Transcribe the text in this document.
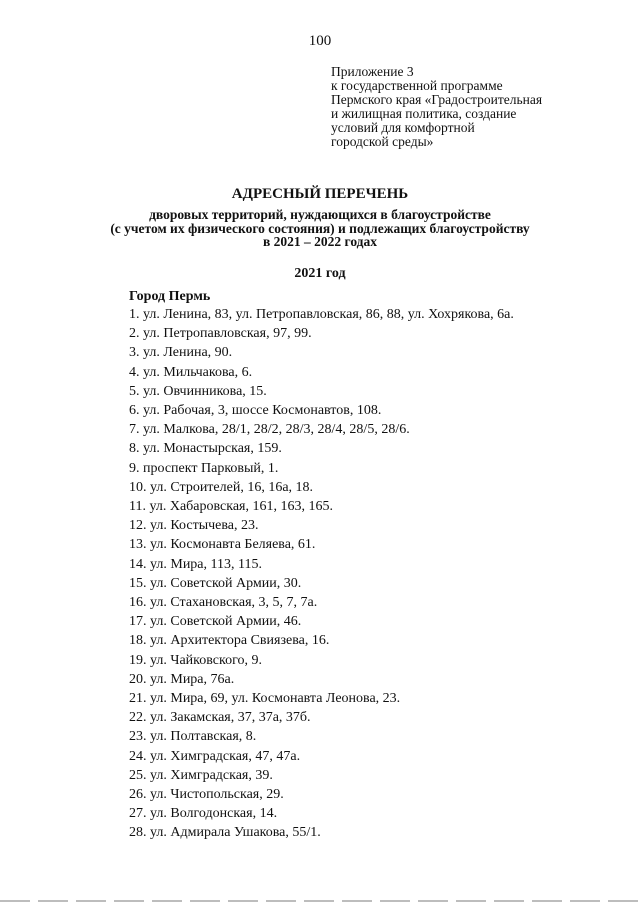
100
Приложение 3
к государственной программе
Пермского края «Градостроительная
и жилищная политика, создание
условий для комфортной
городской среды»
АДРЕСНЫЙ ПЕРЕЧЕНЬ
дворовых территорий, нуждающихся в благоустройстве
(с учетом их физического состояния) и подлежащих благоустройству
в 2021 – 2022 годах
2021 год
Город Пермь
1. ул. Ленина, 83, ул. Петропавловская, 86, 88, ул. Хохрякова, 6а.
2. ул. Петропавловская, 97, 99.
3. ул. Ленина, 90.
4. ул. Мильчакова, 6.
5. ул. Овчинникова, 15.
6. ул. Рабочая, 3, шоссе Космонавтов, 108.
7. ул. Малкова, 28/1, 28/2, 28/3, 28/4, 28/5, 28/6.
8. ул. Монастырская, 159.
9. проспект Парковый, 1.
10. ул. Строителей, 16, 16а, 18.
11. ул. Хабаровская, 161, 163, 165.
12. ул. Костычева, 23.
13. ул. Космонавта Беляева, 61.
14. ул. Мира, 113, 115.
15. ул. Советской Армии, 30.
16. ул. Стахановская, 3, 5, 7, 7а.
17. ул. Советской Армии, 46.
18. ул. Архитектора Свиязева, 16.
19. ул. Чайковского, 9.
20. ул. Мира, 76а.
21. ул. Мира, 69, ул. Космонавта Леонова, 23.
22. ул. Закамская, 37, 37а, 37б.
23. ул. Полтавская, 8.
24. ул. Химградская, 47, 47а.
25. ул. Химградская, 39.
26. ул. Чистопольская, 29.
27. ул. Волгодонская, 14.
28. ул. Адмирала Ушакова, 55/1.
